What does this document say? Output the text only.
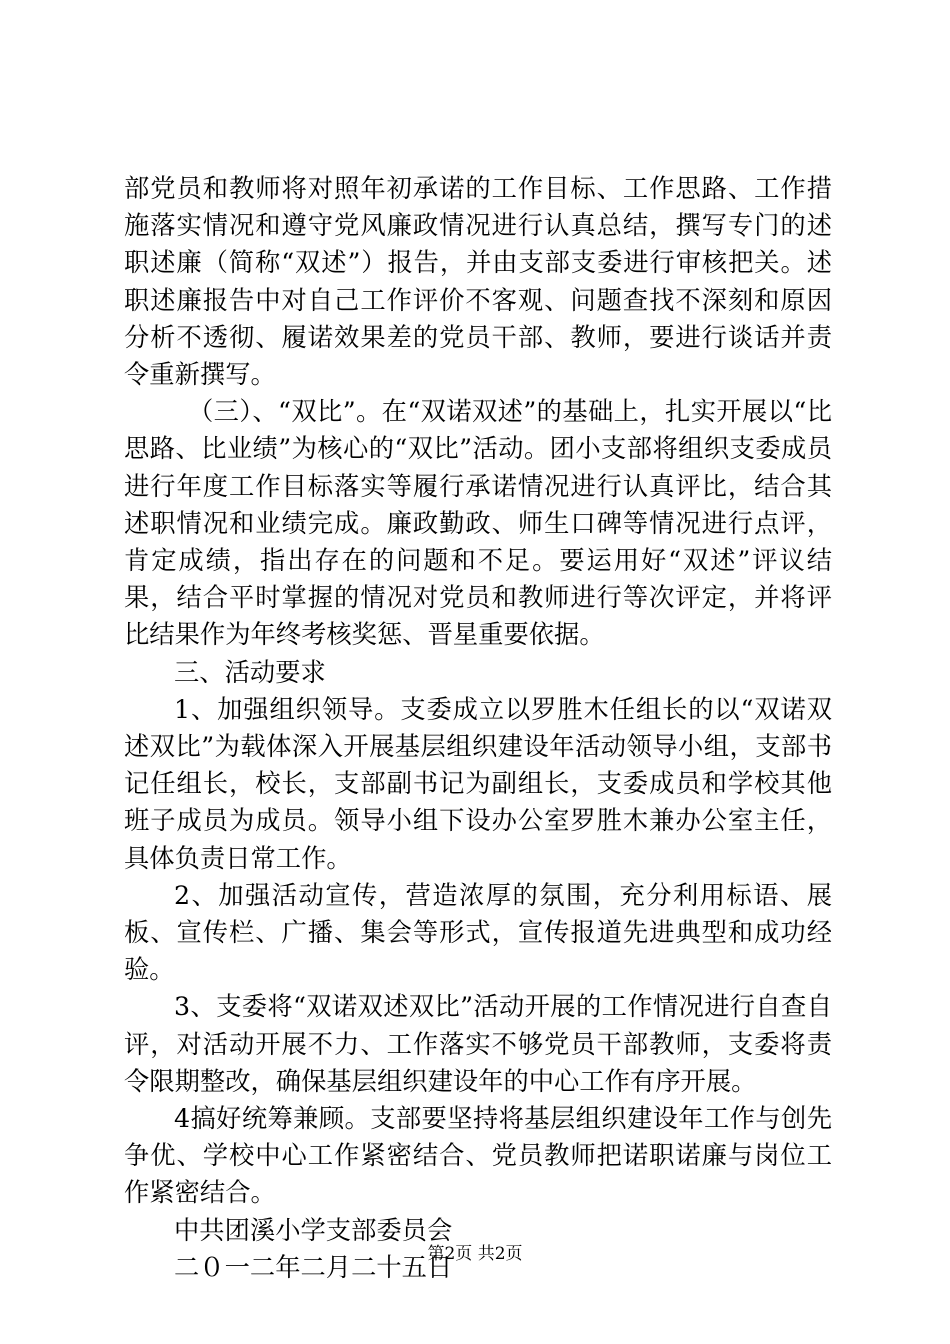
部党员和教师将对照年初承诺的工作目标、工作思路、工作措施落实情况和遵守党风廉政情况进行认真总结，撰写专门的述职述廉（简称“双述”）报告，并由支部支委进行审核把关。述职述廉报告中对自己工作评价不客观、问题查找不深刻和原因分析不透彻、履诺效果差的党员干部、教师，要进行谈话并责令重新撰写。

（三）、“双比”。在“双诺双述”的基础上，扎实开展以“比思路、比业绩”为核心的“双比”活动。团小支部将组织支委成员进行年度工作目标落实等履行承诺情况进行认真评比，结合其述职情况和业绩完成。廉政勤政、师生口碑等情况进行点评，肯定成绩，指出存在的问题和不足。要运用好“双述”评议结果，结合平时掌握的情况对党员和教师进行等次评定，并将评比结果作为年终考核奖惩、晋星重要依据。

三、活动要求

1、加强组织领导。支委成立以罗胜木任组长的以“双诺双述双比”为载体深入开展基层组织建设年活动领导小组，支部书记任组长，校长，支部副书记为副组长，支委成员和学校其他班子成员为成员。领导小组下设办公室罗胜木兼办公室主任，具体负责日常工作。

2、加强活动宣传，营造浓厚的氛围，充分利用标语、展板、宣传栏、广播、集会等形式，宣传报道先进典型和成功经验。

3、支委将“双诺双述双比”活动开展的工作情况进行自查自评，对活动开展不力、工作落实不够党员干部教师，支委将责令限期整改，确保基层组织建设年的中心工作有序开展。

4搞好统筹兼顾。支部要坚持将基层组织建设年工作与创先争优、学校中心工作紧密结合、党员教师把诺职诺廉与岗位工作紧密结合。

中共团溪小学支部委员会

二０一二年二月二十五日

第2页 共2页
